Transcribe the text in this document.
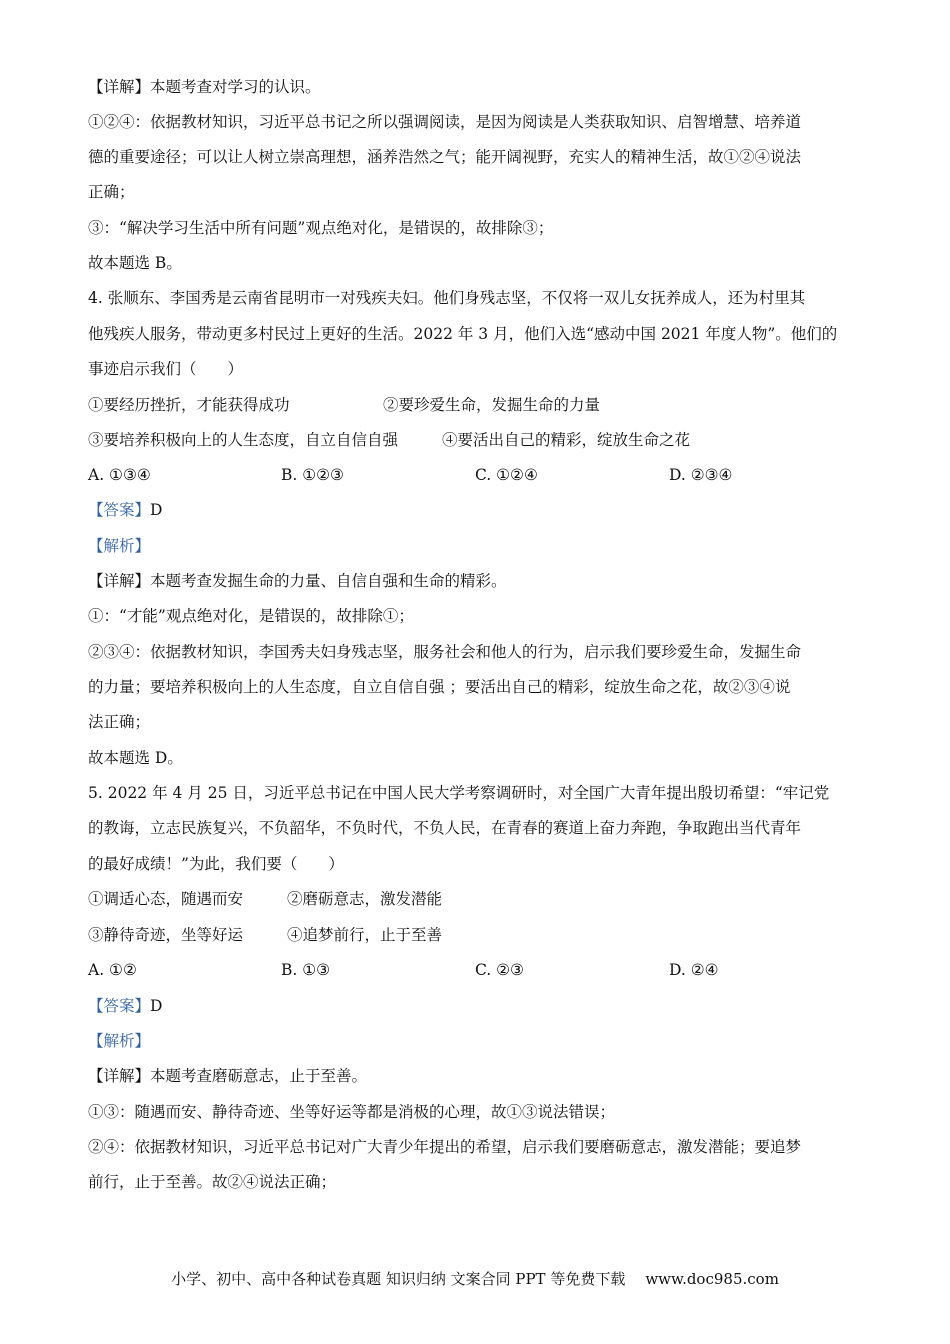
【详解】本题考查对学习的认识。
①②④：依据教材知识，习近平总书记之所以强调阅读，是因为阅读是人类获取知识、启智增慧、培养道
德的重要途径；可以让人树立崇高理想，涵养浩然之气；能开阔视野，充实人的精神生活，故①②④说法
正确；
③：“解决学习生活中所有问题”观点绝对化，是错误的，故排除③；
故本题选 B。
4. 张顺东、李国秀是云南省昆明市一对残疾夫妇。他们身残志坚，不仅将一双儿女抚养成人，还为村里其
他残疾人服务，带动更多村民过上更好的生活。2022 年 3 月，他们入选“感动中国 2021 年度人物”。他们的
事迹启示我们（　　）
①要经历挫折，才能获得成功	②要珍爱生命，发掘生命的力量
③要培养积极向上的人生态度，自立自信自强	④要活出自己的精彩，绽放生命之花
A. ①③④	B. ①②③	C. ①②④	D. ②③④
【答案】D
【解析】
【详解】本题考查发掘生命的力量、自信自强和生命的精彩。
①：“才能”观点绝对化，是错误的，故排除①；
②③④：依据教材知识，李国秀夫妇身残志坚，服务社会和他人的行为，启示我们要珍爱生命，发掘生命
的力量；要培养积极向上的人生态度，自立自信自强 ；要活出自己的精彩，绽放生命之花，故②③④说
法正确；
故本题选 D。
5. 2022 年 4 月 25 日，习近平总书记在中国人民大学考察调研时，对全国广大青年提出殷切希望：“牢记党
的教诲，立志民族复兴，不负韶华，不负时代，不负人民，在青春的赛道上奋力奔跑，争取跑出当代青年
的最好成绩！”为此，我们要（　　）
①调适心态，随遇而安	②磨砺意志，激发潜能
③静待奇迹，坐等好运	④追梦前行，止于至善
A. ①②	B. ①③	C. ②③	D. ②④
【答案】D
【解析】
【详解】本题考查磨砺意志，止于至善。
①③：随遇而安、静待奇迹、坐等好运等都是消极的心理，故①③说法错误；
②④：依据教材知识，习近平总书记对广大青少年提出的希望，启示我们要磨砺意志，激发潜能；要追梦
前行，止于至善。故②④说法正确；
小学、初中、高中各种试卷真题 知识归纳 文案合同 PPT 等免费下载 www.doc985.com
